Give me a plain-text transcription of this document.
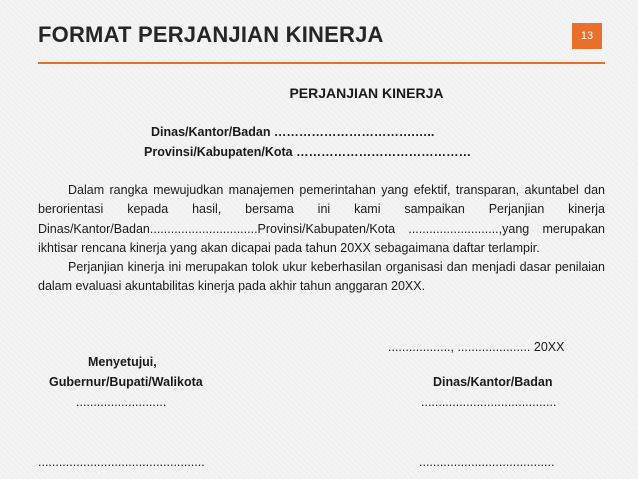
FORMAT PERJANJIAN KINERJA	13
PERJANJIAN KINERJA
Dinas/Kantor/Badan …………………………….…..
Provinsi/Kabupaten/Kota ……………………………………

Dalam rangka mewujudkan manajemen pemerintahan yang efektif, transparan, akuntabel dan berorientasi kepada hasil, bersama ini kami sampaikan Perjanjian kinerja Dinas/Kantor/Badan...............................Provinsi/Kabupaten/Kota ..........................,yang merupakan ikhtisar rencana kinerja yang akan dicapai pada tahun 20XX sebagaimana daftar terlampir.

Perjanjian kinerja ini merupakan tolok ukur keberhasilan organisasi dan menjadi dasar penilaian dalam evaluasi akuntabilitas kinerja pada akhir tahun anggaran 20XX.

.................., ..................... 20XX
Menyetujui,
Gubernur/Bupati/Walikota	Dinas/Kantor/Badan
..........................	.......................................
................................................	.......................................
